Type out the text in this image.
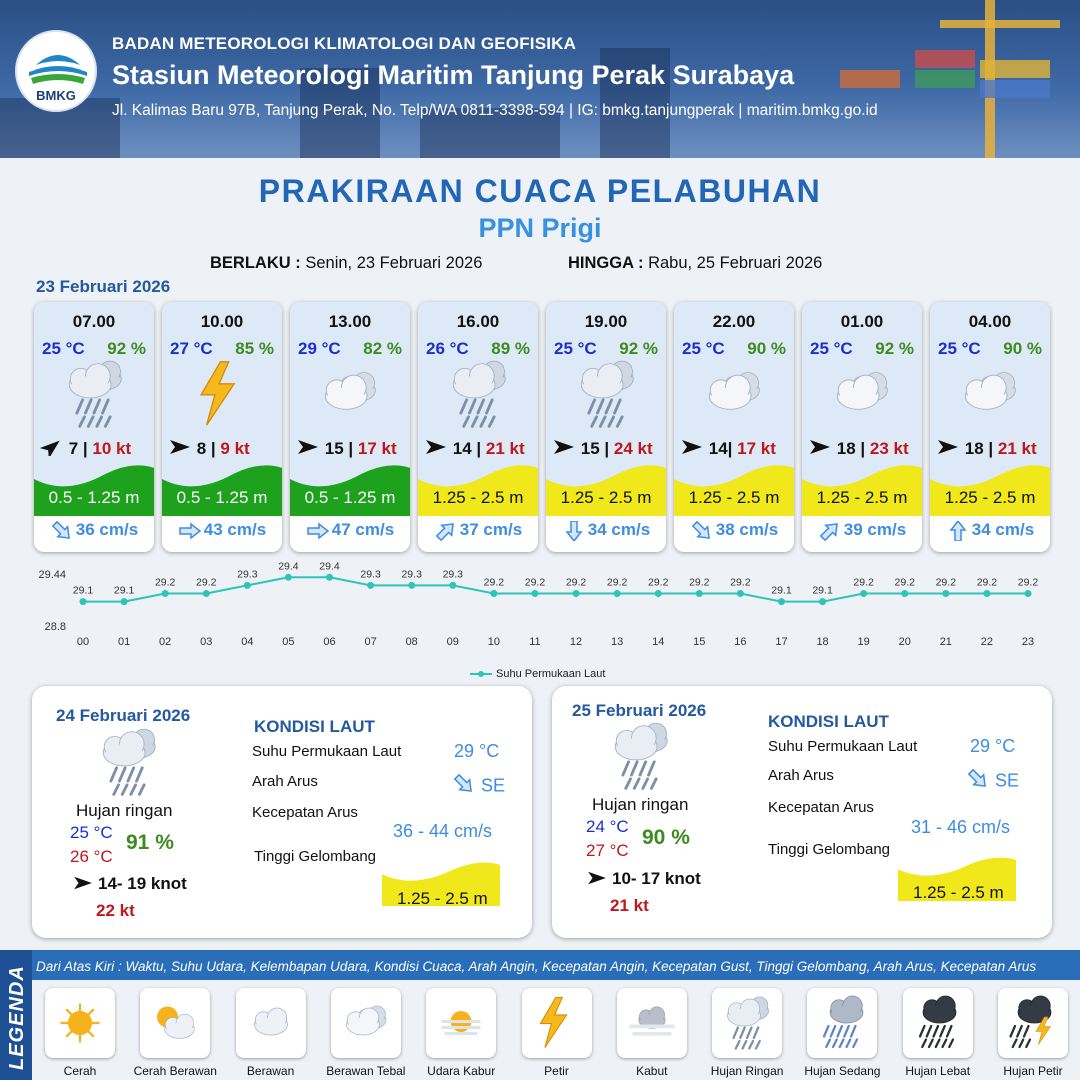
BMKG
BADAN METEOROLOGI KLIMATOLOGI DAN GEOFISIKA
Stasiun Meteorologi Maritim Tanjung Perak Surabaya
Jl. Kalimas Baru 97B, Tanjung Perak, No. Telp/WA 0811-3398-594 | IG: bmkg.tanjungperak | maritim.bmkg.go.id
PRAKIRAAN CUACA PELABUHAN
PPN Prigi
BERLAKU : Senin, 23 Februari 2026	HINGGA : Rabu, 25 Februari 2026
23 Februari 2026
07.00
25 °C 92 %
7 | 10 kt
0.5 - 1.25 m
36 cm/s
10.00
27 °C 85 %
8 | 9 kt
0.5 - 1.25 m
43 cm/s
13.00
29 °C 82 %
15 | 17 kt
0.5 - 1.25 m
47 cm/s
16.00
26 °C 89 %
14 | 21 kt
1.25 - 2.5 m
37 cm/s
19.00
25 °C 92 %
15 | 24 kt
1.25 - 2.5 m
34 cm/s
22.00
25 °C 90 %
14| 17 kt
1.25 - 2.5 m
38 cm/s
01.00
25 °C 92 %
18 | 23 kt
1.25 - 2.5 m
39 cm/s
04.00
25 °C 90 %
18 | 21 kt
1.25 - 2.5 m
34 cm/s
29.44
28.8
29.1
00
29.1
01
29.2
02
29.2
03
29.3
04
29.4
05
29.4
06
29.3
07
29.3
08
29.3
09
29.2
10
29.2
11
29.2
12
29.2
13
29.2
14
29.2
15
29.2
16
29.1
17
29.1
18
29.2
19
29.2
20
29.2
21
29.2
22
29.2
23
Suhu Permukaan Laut
24 Februari 2026
Hujan ringan
25 °C
26 °C
91 %
14- 19 knot
22 kt
KONDISI LAUT
Suhu Permukaan Laut	29 °C
Arah Arus	SE
Kecepatan Arus
36 - 44 cm/s
Tinggi Gelombang
1.25 - 2.5 m
25 Februari 2026
Hujan ringan
24 °C
27 °C
90 %
10- 17 knot
21 kt
KONDISI LAUT
Suhu Permukaan Laut	29 °C
Arah Arus	SE
Kecepatan Arus
31 - 46 cm/s
Tinggi Gelombang
1.25 - 2.5 m
LEGENDA Dari Atas Kiri : Waktu, Suhu Udara, Kelembapan Udara, Kondisi Cuaca, Arah Angin, Kecepatan Angin, Kecepatan Gust, Tinggi Gelombang, Arah Arus, Kecepatan Arus
Cerah	Cerah Berawan	Berawan	Berawan Tebal	Udara Kabur	Petir	Kabut	Hujan Ringan	Hujan Sedang	Hujan Lebat	Hujan Petir
